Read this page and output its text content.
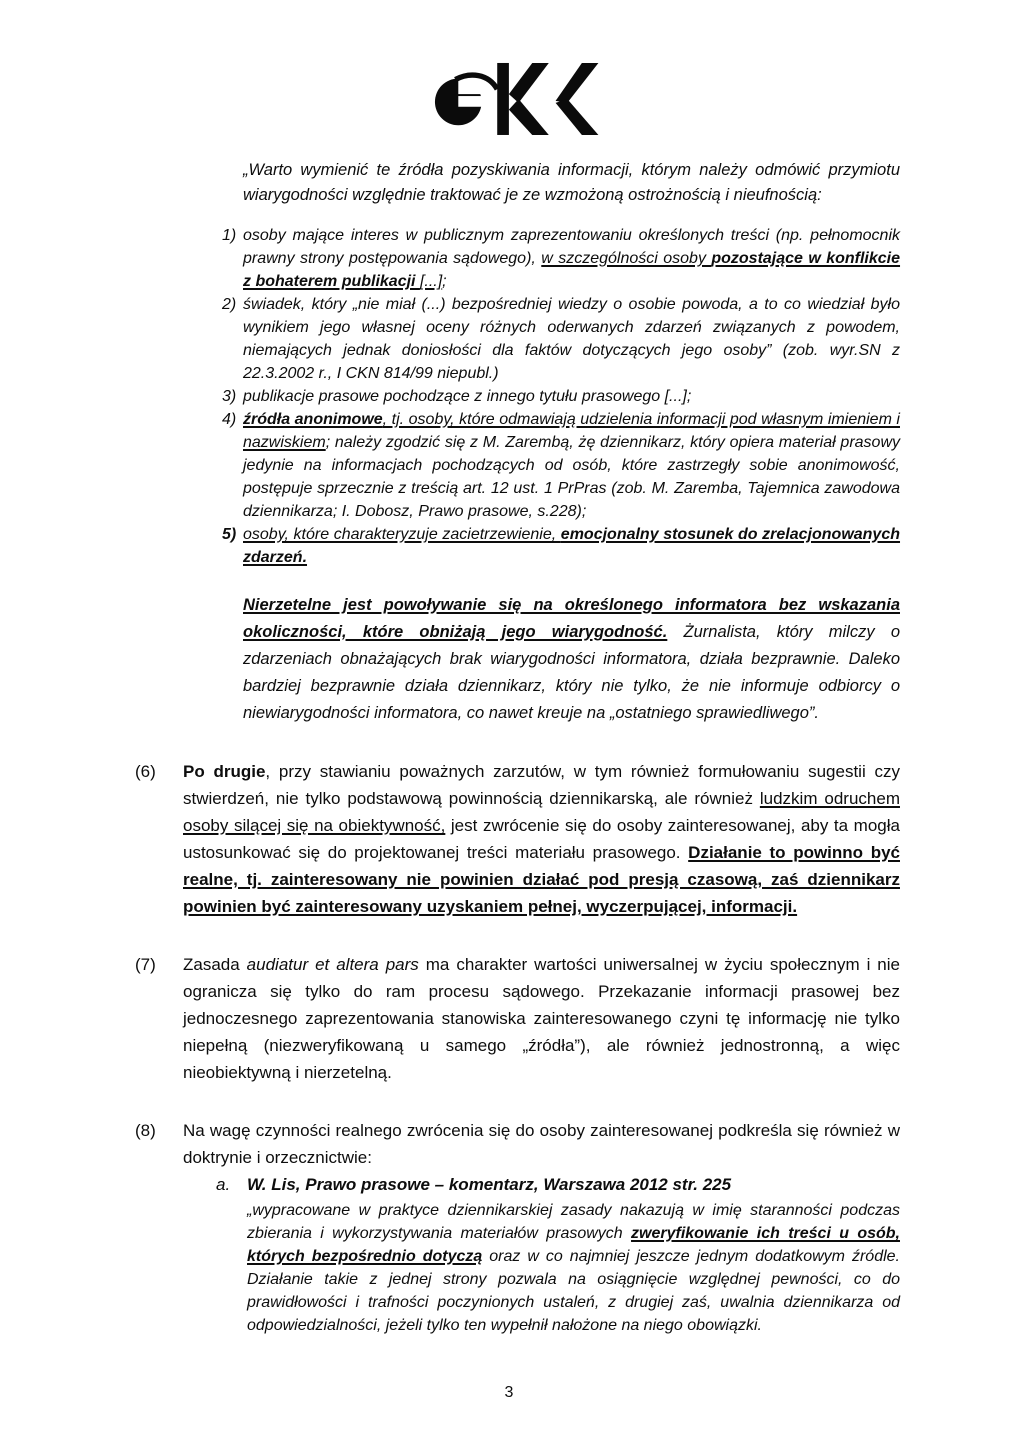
„Warto wymienić te źródła pozyskiwania informacji, którym należy odmówić przymiotu wiarygodności względnie traktować je ze wzmożoną ostrożnością i nieufnością:
1) osoby mające interes w publicznym zaprezentowaniu określonych treści (np. pełnomocnik prawny strony postępowania sądowego), w szczególności osoby pozostające w konflikcie z bohaterem publikacji [...];
2) świadek, który „nie miał (...) bezpośredniej wiedzy o osobie powoda, a to co wiedział było wynikiem jego własnej oceny różnych oderwanych zdarzeń związanych z powodem, niemających jednak doniosłości dla faktów dotyczących jego osoby” (zob. wyr.SN z 22.3.2002 r., I CKN 814/99 niepubl.)
3) publikacje prasowe pochodzące z innego tytułu prasowego [...];
4) źródła anonimowe, tj. osoby, które odmawiają udzielenia informacji pod własnym imieniem i nazwiskiem; należy zgodzić się z M. Zarembą, żę dziennikarz, który opiera materiał prasowy jedynie na informacjach pochodzących od osób, które zastrzegły sobie anonimowość, postępuje sprzecznie z treścią art. 12 ust. 1 PrPras (zob. M. Zaremba, Tajemnica zawodowa dziennikarza; I. Dobosz, Prawo prasowe, s.228);
5) osoby, które charakteryzuje zacietrzewienie, emocjonalny stosunek do zrelacjonowanych zdarzeń.
Nierzetelne jest powoływanie się na określonego informatora bez wskazania okoliczności, które obniżają jego wiarygodność. Żurnalista, który milczy o zdarzeniach obnażających brak wiarygodności informatora, działa bezprawnie. Daleko bardziej bezprawnie działa dziennikarz, który nie tylko, że nie informuje odbiorcy o niewiarygodności informatora, co nawet kreuje na „ostatniego sprawiedliwego”.
(6)	Po drugie, przy stawianiu poważnych zarzutów, w tym również formułowaniu sugestii czy stwierdzeń, nie tylko podstawową powinnością dziennikarską, ale również ludzkim odruchem osoby silącej się na obiektywność, jest zwrócenie się do osoby zainteresowanej, aby ta mogła ustosunkować się do projektowanej treści materiału prasowego. Działanie to powinno być realne, tj. zainteresowany nie powinien działać pod presją czasową, zaś dziennikarz powinien być zainteresowany uzyskaniem pełnej, wyczerpującej, informacji.
(7)	Zasada audiatur et altera pars ma charakter wartości uniwersalnej w życiu społecznym i nie ogranicza się tylko do ram procesu sądowego. Przekazanie informacji prasowej bez jednoczesnego zaprezentowania stanowiska zainteresowanego czyni tę informację nie tylko niepełną (niezweryfikowaną u samego „źródła”), ale również jednostronną, a więc nieobiektywną i nierzetelną.
(8)	Na wagę czynności realnego zwrócenia się do osoby zainteresowanej podkreśla się również w doktrynie i orzecznictwie:
a. W. Lis, Prawo prasowe – komentarz, Warszawa 2012 str. 225
„wypracowane w praktyce dziennikarskiej zasady nakazują w imię staranności podczas zbierania i wykorzystywania materiałów prasowych zweryfikowanie ich treści u osób, których bezpośrednio dotyczą oraz w co najmniej jeszcze jednym dodatkowym źródle. Działanie takie z jednej strony pozwala na osiągnięcie względnej pewności, co do prawidłowości i trafności poczynionych ustaleń, z drugiej zaś, uwalnia dziennikarza od odpowiedzialności, jeżeli tylko ten wypełnił nałożone na niego obowiązki.
3
